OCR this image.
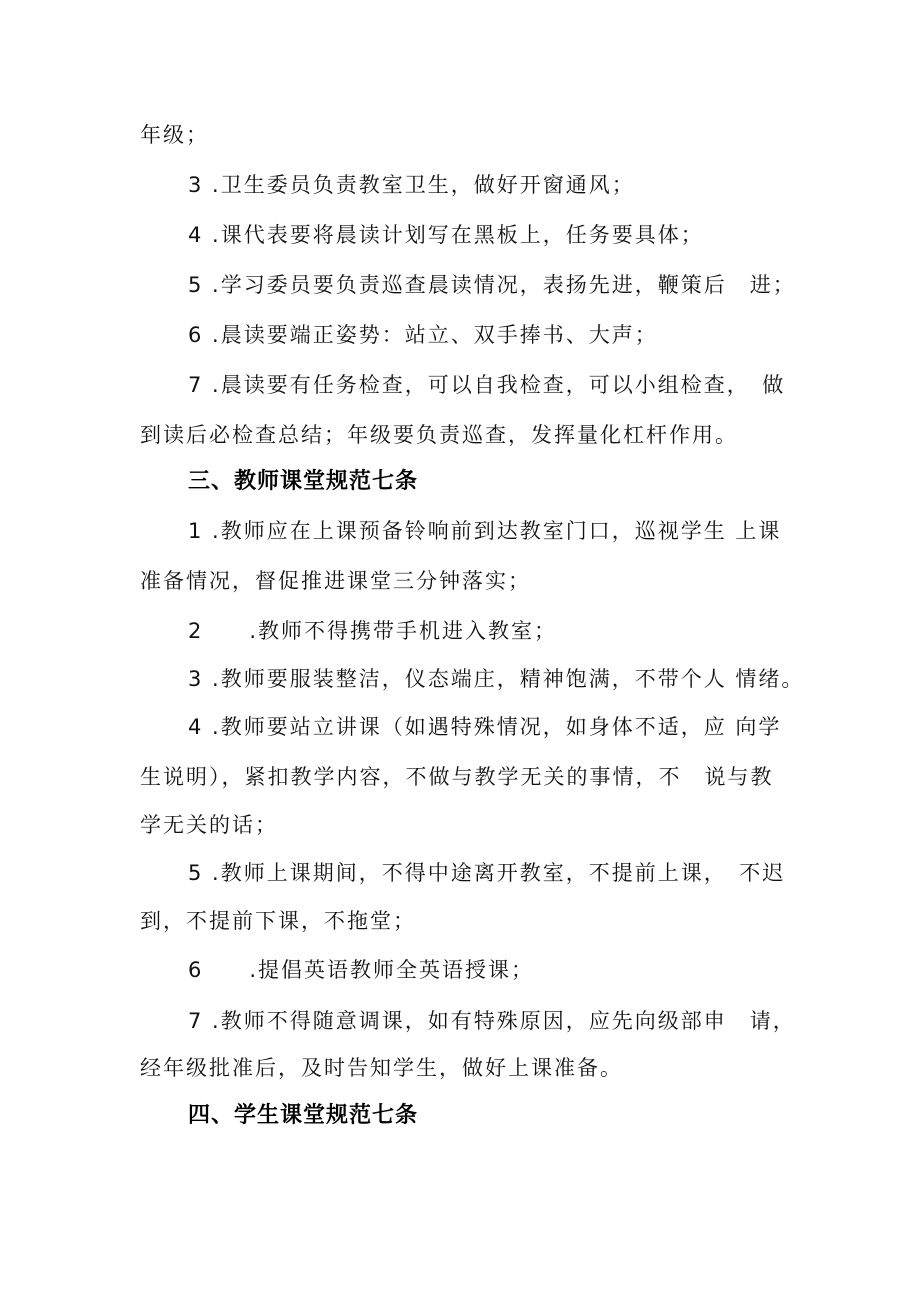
年级；
3 .卫生委员负责教室卫生，做好开窗通风；
4 .课代表要将晨读计划写在黑板上，任务要具体；
5 .学习委员要负责巡查晨读情况，表扬先进，鞭策后　进；
6 .晨读要端正姿势：站立、双手捧书、大声；
7 .晨读要有任务检查，可以自我检查，可以小组检查，　做
到读后必检查总结；年级要负责巡查，发挥量化杠杆作用。
三、教师课堂规范七条
1 .教师应在上课预备铃响前到达教室门口，巡视学生 上课
准备情况，督促推进课堂三分钟落实；
2　　.教师不得携带手机进入教室；
3 .教师要服装整洁，仪态端庄，精神饱满，不带个人 情绪。
4 .教师要站立讲课（如遇特殊情况，如身体不适，应 向学
生说明），紧扣教学内容，不做与教学无关的事情，不　说与教
学无关的话；
5 .教师上课期间，不得中途离开教室，不提前上课，　不迟
到，不提前下课，不拖堂；
6　　.提倡英语教师全英语授课；
7 .教师不得随意调课，如有特殊原因，应先向级部申　请，
经年级批准后，及时告知学生，做好上课准备。
四、学生课堂规范七条
